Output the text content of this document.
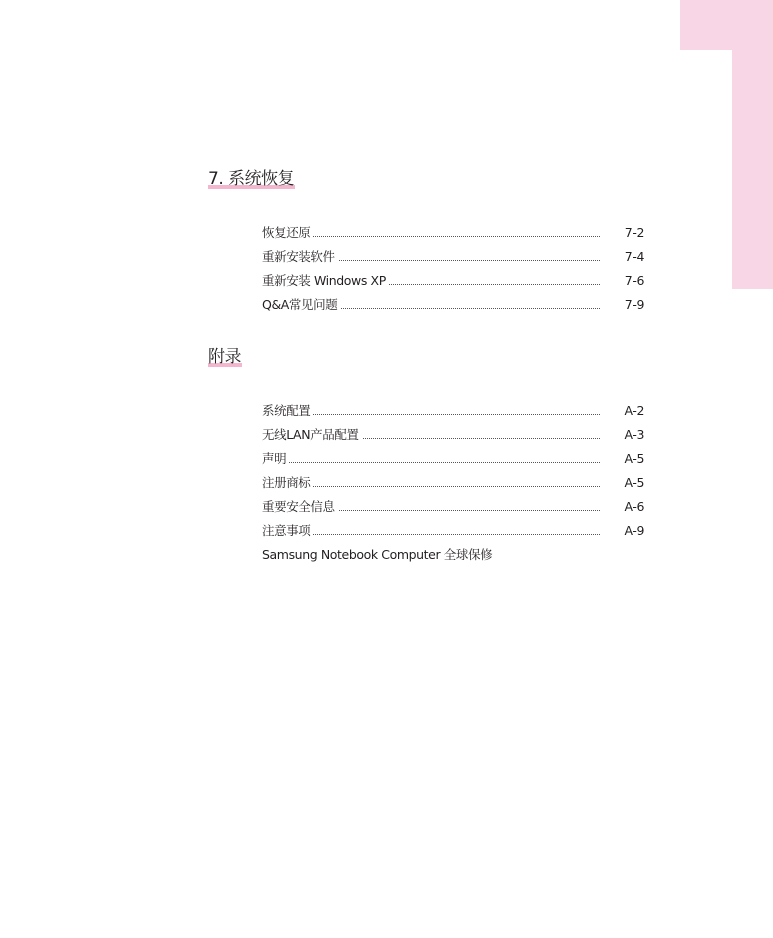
7. 系统恢复
恢复还原	7-2
重新安装软件	7-4
重新安装 Windows XP	7-6
Q&A常见问题	7-9
附录
系统配置	A-2
无线LAN产品配置	A-3
声明	A-5
注册商标	A-5
重要安全信息	A-6
注意事项	A-9
Samsung Notebook Computer 全球保修
